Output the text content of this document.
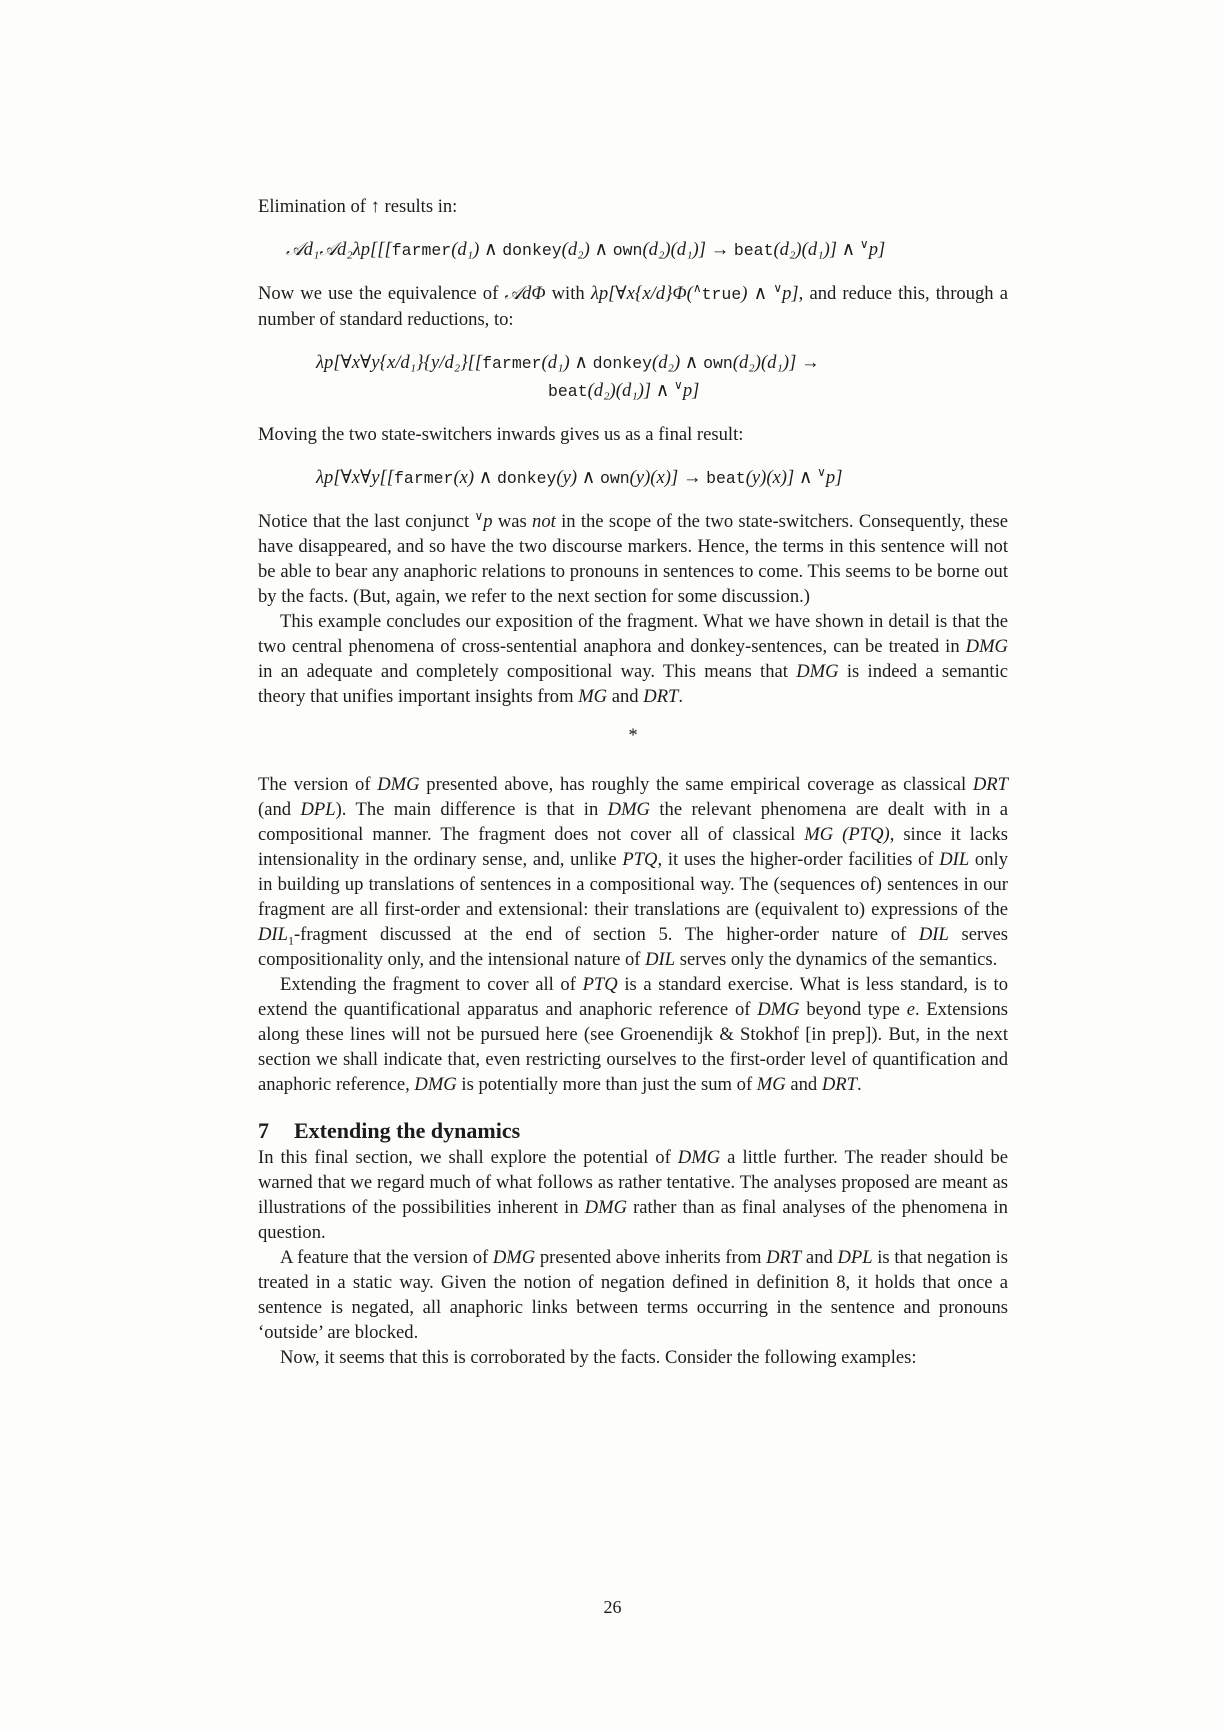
Elimination of ↑ results in:

𝒜d₁𝒜d₂λp[[[farmer(d₁) ∧ donkey(d₂) ∧ own(d₂)(d₁)] → beat(d₂)(d₁)] ∧ ∨p]

Now we use the equivalence of 𝒜dΦ with λp[∀x{x/d}Φ(∧true) ∧ ∨p], and reduce this, through a number of standard reductions, to:

λp[∀x∀y{x/d₁}{y/d₂}[[farmer(d₁) ∧ donkey(d₂) ∧ own(d₂)(d₁)] →
beat(d₂)(d₁)] ∧ ∨p]

Moving the two state-switchers inwards gives us as a final result:

λp[∀x∀y[[farmer(x) ∧ donkey(y) ∧ own(y)(x)] → beat(y)(x)] ∧ ∨p]

Notice that the last conjunct ∨p was not in the scope of the two state-switchers. Consequently, these have disappeared, and so have the two discourse markers. Hence, the terms in this sentence will not be able to bear any anaphoric relations to pronouns in sentences to come. This seems to be borne out by the facts. (But, again, we refer to the next section for some discussion.)

This example concludes our exposition of the fragment. What we have shown in detail is that the two central phenomena of cross-sentential anaphora and donkey-sentences, can be treated in DMG in an adequate and completely compositional way. This means that DMG is indeed a semantic theory that unifies important insights from MG and DRT.

*

The version of DMG presented above, has roughly the same empirical coverage as classical DRT (and DPL). The main difference is that in DMG the relevant phenomena are dealt with in a compositional manner. The fragment does not cover all of classical MG (PTQ), since it lacks intensionality in the ordinary sense, and, unlike PTQ, it uses the higher-order facilities of DIL only in building up translations of sentences in a compositional way. The (sequences of) sentences in our fragment are all first-order and extensional: their translations are (equivalent to) expressions of the $DIL_1$-fragment discussed at the end of section 5. The higher-order nature of DIL serves compositionality only, and the intensional nature of DIL serves only the dynamics of the semantics.

Extending the fragment to cover all of PTQ is a standard exercise. What is less standard, is to extend the quantificational apparatus and anaphoric reference of DMG beyond type e. Extensions along these lines will not be pursued here (see Groenendijk & Stokhof [in prep]). But, in the next section we shall indicate that, even restricting ourselves to the first-order level of quantification and anaphoric reference, DMG is potentially more than just the sum of MG and DRT.

7 Extending the dynamics

In this final section, we shall explore the potential of DMG a little further. The reader should be warned that we regard much of what follows as rather tentative. The analyses proposed are meant as illustrations of the possibilities inherent in DMG rather than as final analyses of the phenomena in question.

A feature that the version of DMG presented above inherits from DRT and DPL is that negation is treated in a static way. Given the notion of negation defined in definition 8, it holds that once a sentence is negated, all anaphoric links between terms occurring in the sentence and pronouns ‘outside’ are blocked.

Now, it seems that this is corroborated by the facts. Consider the following examples:

26
